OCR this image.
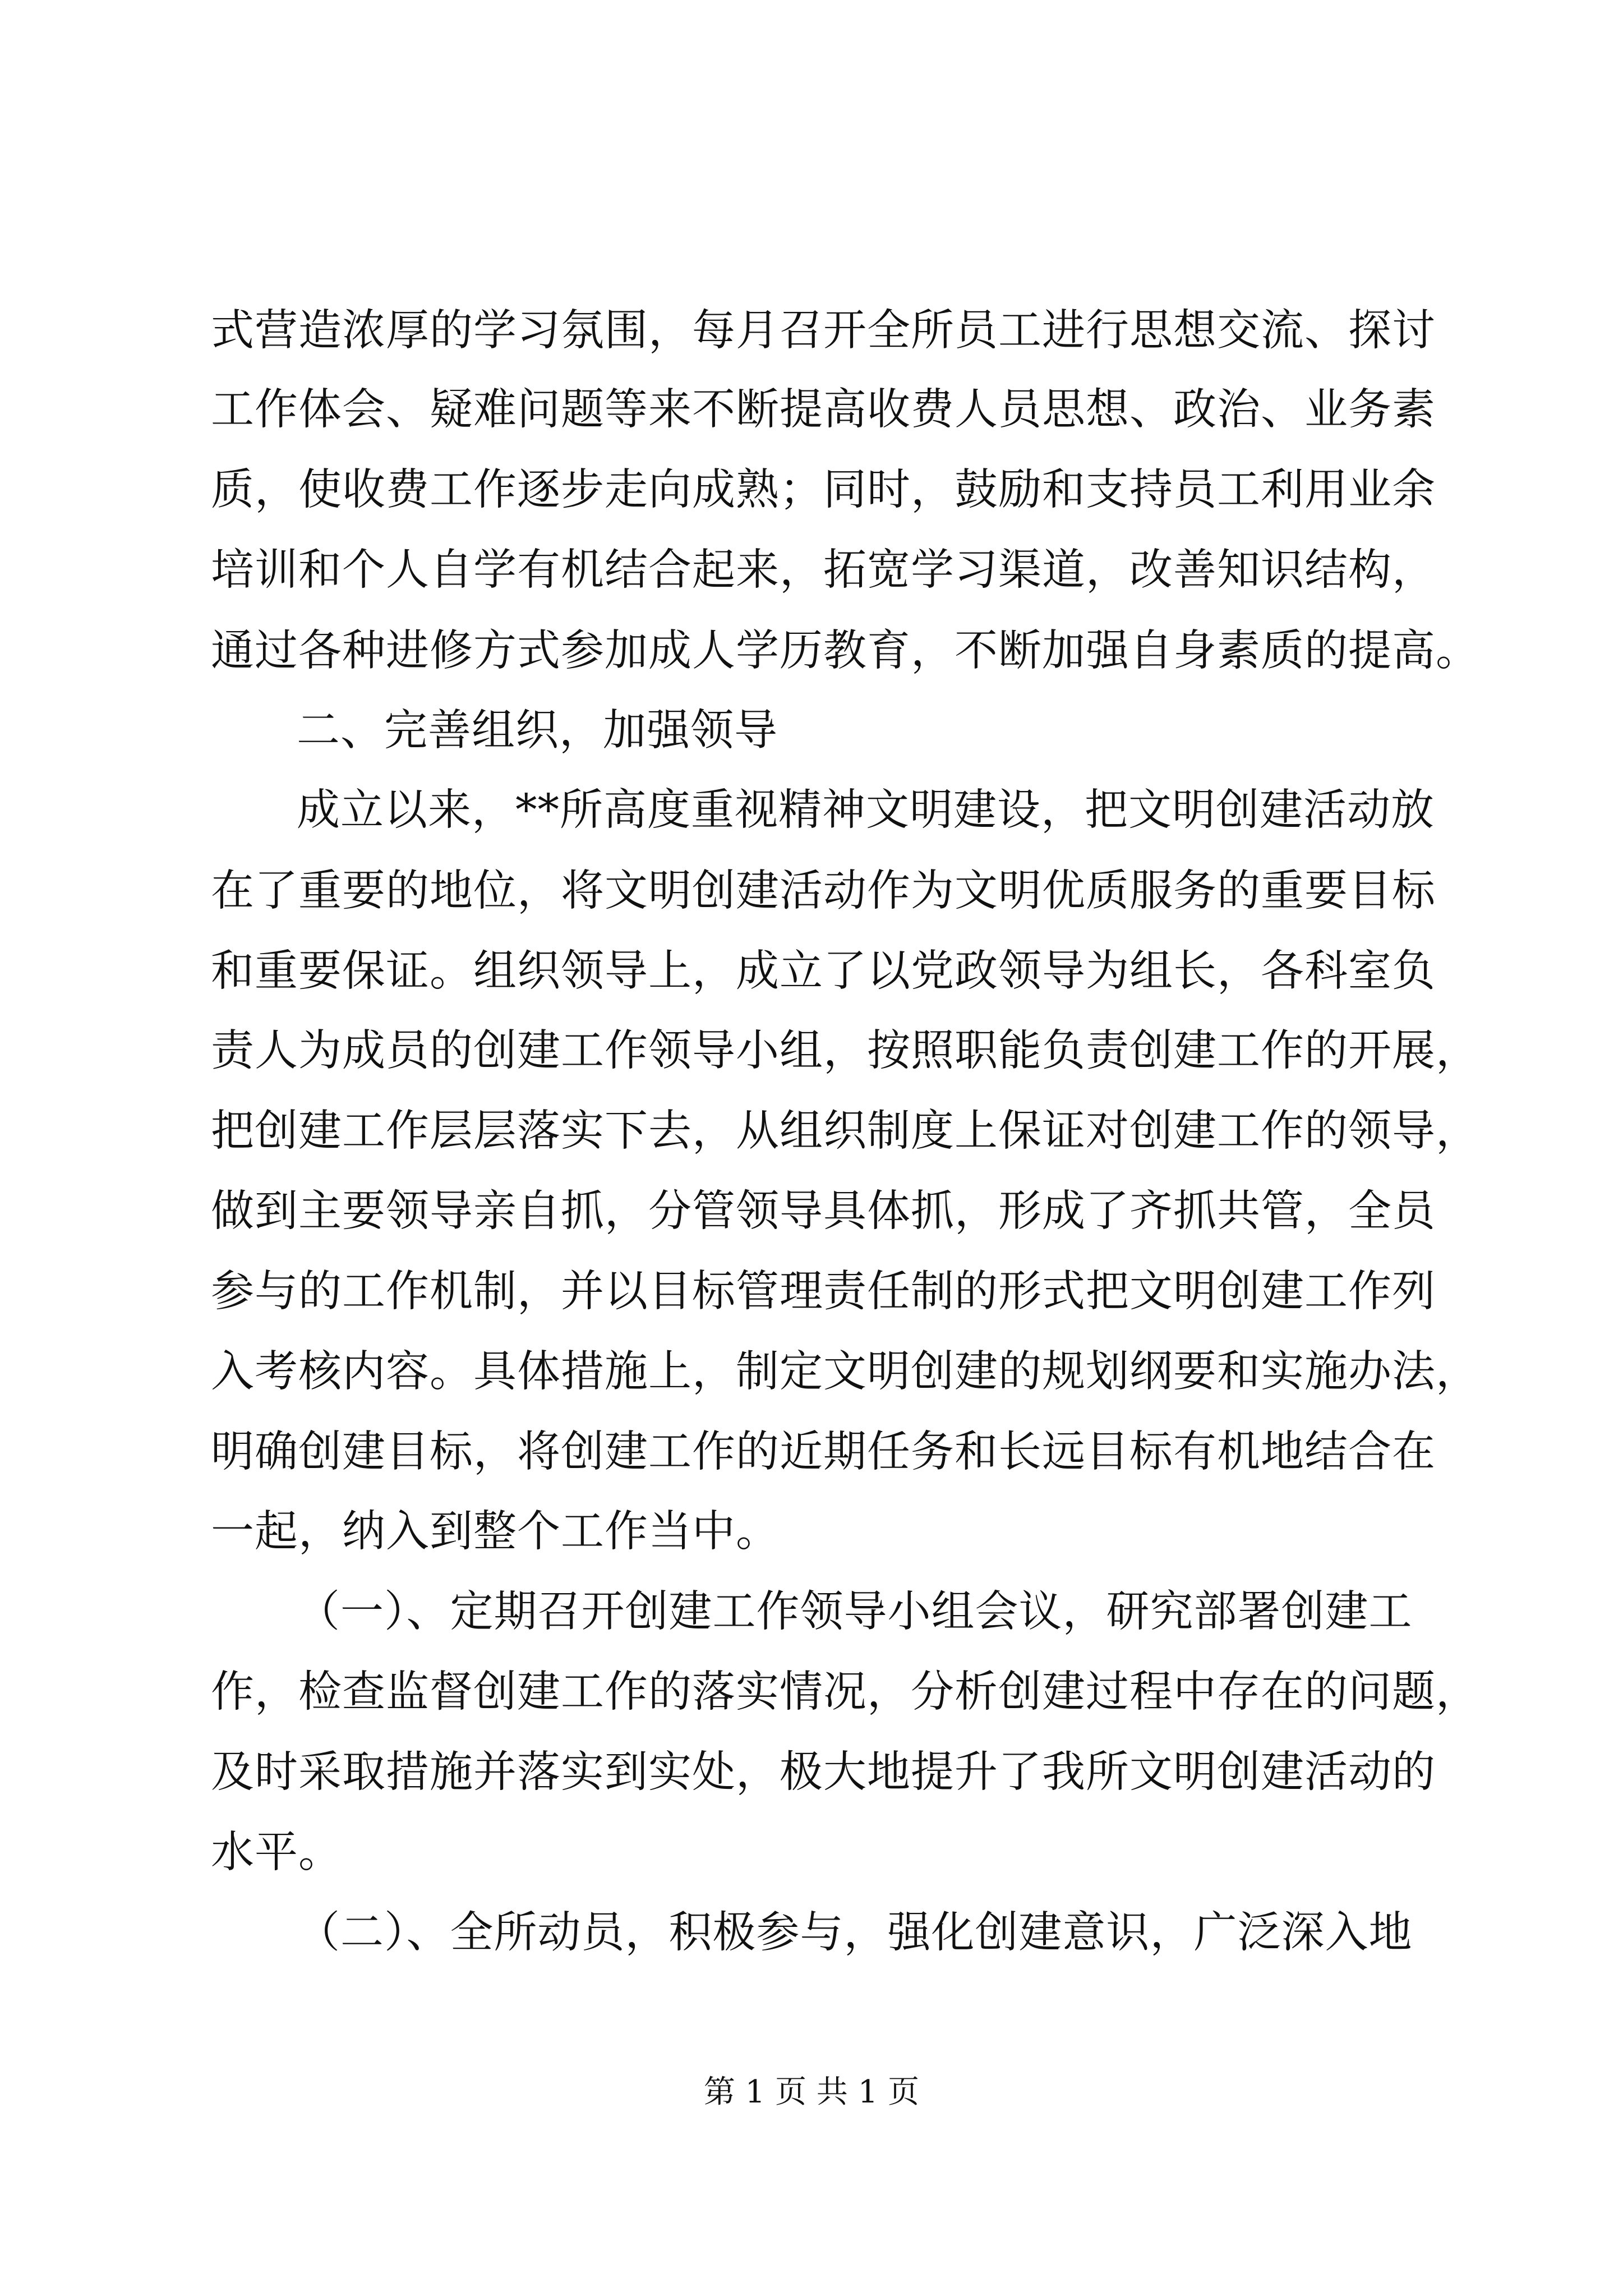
式营造浓厚的学习氛围，每月召开全所员工进行思想交流、探讨
工作体会、疑难问题等来不断提高收费人员思想、政治、业务素
质，使收费工作逐步走向成熟；同时，鼓励和支持员工利用业余
培训和个人自学有机结合起来，拓宽学习渠道，改善知识结构，
通过各种进修方式参加成人学历教育，不断加强自身素质的提高。
二、完善组织，加强领导
成立以来，**所高度重视精神文明建设，把文明创建活动放
在了重要的地位，将文明创建活动作为文明优质服务的重要目标
和重要保证。组织领导上，成立了以党政领导为组长，各科室负
责人为成员的创建工作领导小组，按照职能负责创建工作的开展，
把创建工作层层落实下去，从组织制度上保证对创建工作的领导，
做到主要领导亲自抓，分管领导具体抓，形成了齐抓共管，全员
参与的工作机制，并以目标管理责任制的形式把文明创建工作列
入考核内容。具体措施上，制定文明创建的规划纲要和实施办法，
明确创建目标，将创建工作的近期任务和长远目标有机地结合在
一起，纳入到整个工作当中。
（一）、定期召开创建工作领导小组会议，研究部署创建工
作，检查监督创建工作的落实情况，分析创建过程中存在的问题，
及时采取措施并落实到实处，极大地提升了我所文明创建活动的
水平。
（二）、全所动员，积极参与，强化创建意识，广泛深入地
第 1 页 共 1 页
